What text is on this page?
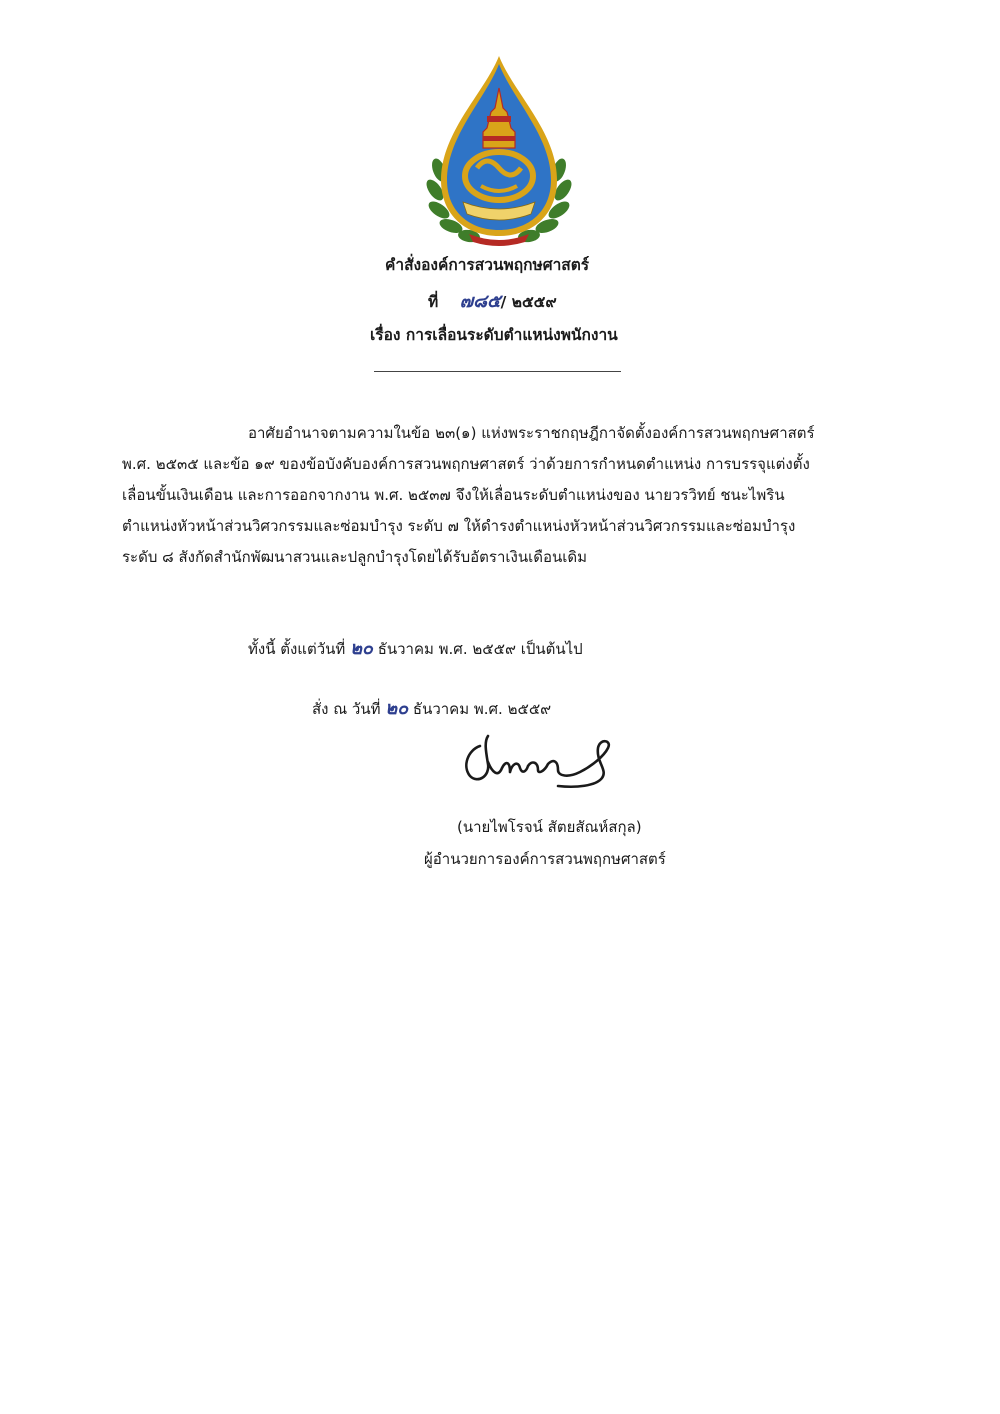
คำสั่งองค์การสวนพฤกษศาสตร์
ที่ ๗๘๕/ ๒๕๕๙
เรื่อง การเลื่อนระดับตำแหน่งพนักงาน
อาศัยอำนาจตามความในข้อ ๒๓(๑) แห่งพระราชกฤษฎีกาจัดตั้งองค์การสวนพฤกษศาสตร์
พ.ศ. ๒๕๓๕ และข้อ ๑๙ ของข้อบังคับองค์การสวนพฤกษศาสตร์ ว่าด้วยการกำหนดตำแหน่ง การบรรจุแต่งตั้ง
เลื่อนขั้นเงินเดือน และการออกจากงาน พ.ศ. ๒๕๓๗ จึงให้เลื่อนระดับตำแหน่งของ นายวรวิทย์ ชนะไพริน
ตำแหน่งหัวหน้าส่วนวิศวกรรมและซ่อมบำรุง ระดับ ๗ ให้ดำรงตำแหน่งหัวหน้าส่วนวิศวกรรมและซ่อมบำรุง
ระดับ ๘ สังกัดสำนักพัฒนาสวนและปลูกบำรุงโดยได้รับอัตราเงินเดือนเดิม
ทั้งนี้ ตั้งแต่วันที่ ๒๐ ธันวาคม พ.ศ. ๒๕๕๙ เป็นต้นไป
สั่ง ณ วันที่ ๒๐ ธันวาคม พ.ศ. ๒๕๕๙
(นายไพโรจน์ สัตยสัณห์สกุล)
ผู้อำนวยการองค์การสวนพฤกษศาสตร์
